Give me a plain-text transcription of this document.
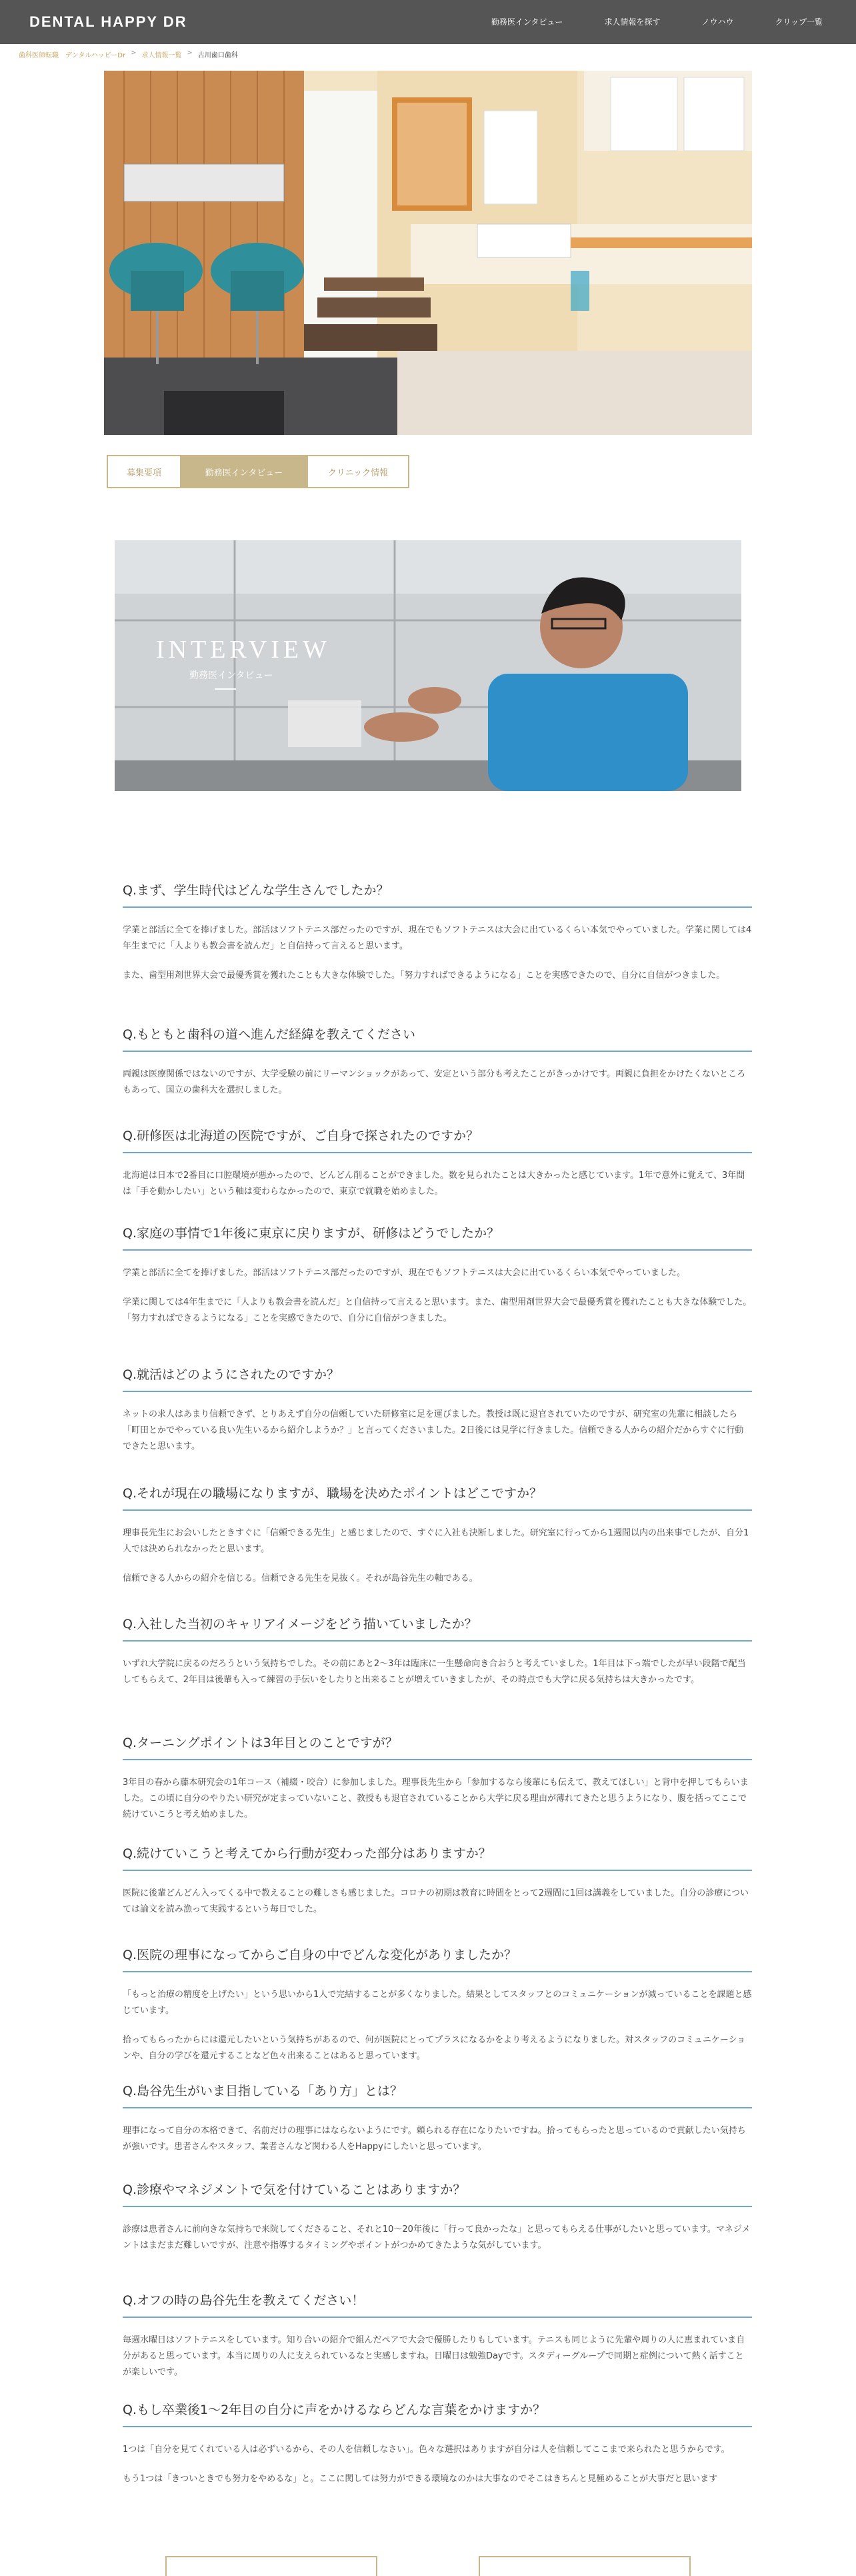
DENTAL HAPPY DR	勤務医インタビュー	求人情報を探す	ノウハウ	クリップ一覧
歯科医師転職　デンタルハッピーDr > 求人情報一覧 > 古川歯口歯科
募集要項	勤務医インタビュー	クリニック情報
INTERVIEW
勤務医インタビュー
Q.まず、学生時代はどんな学生さんでしたか？

学業と部活に全てを捧げました。部活はソフトテニス部だったのですが、現在でもソフトテニスは大会に出ているくらい本気でやっていました。学業に関しては4年生までに「人よりも教会書を読んだ」と自信持って言えると思います。

また、歯型用剤世界大会で最優秀賞を獲れたことも大きな体験でした。「努力すればできるようになる」ことを実感できたので、自分に自信がつきました。

Q.もともと歯科の道へ進んだ経緯を教えてください

両親は医療関係ではないのですが、大学受験の前にリーマンショックがあって、安定という部分も考えたことがきっかけです。両親に負担をかけたくないところもあって、国立の歯科大を選択しました。

Q.研修医は北海道の医院ですが、ご自身で探されたのですか？

北海道は日本で2番目に口腔環境が悪かったので、どんどん削ることができました。数を見られたことは大きかったと感じています。1年で意外に覚えて、3年間は「手を動かしたい」という軸は変わらなかったので、東京で就職を始めました。

Q.家庭の事情で1年後に東京に戻りますが、研修はどうでしたか？

学業と部活に全てを捧げました。部活はソフトテニス部だったのですが、現在でもソフトテニスは大会に出ているくらい本気でやっていました。

学業に関しては4年生までに「人よりも教会書を読んだ」と自信持って言えると思います。また、歯型用剤世界大会で最優秀賞を獲れたことも大きな体験でした。「努力すればできるようになる」ことを実感できたので、自分に自信がつきました。

Q.就活はどのようにされたのですか？

ネットの求人はあまり信頼できず、とりあえず自分の信頼していた研修室に足を運びました。教授は既に退官されていたのですが、研究室の先輩に相談したら「町田とかでやっている良い先生いるから紹介しようか？」と言ってくださいました。2日後には見学に行きました。信頼できる人からの紹介だからすぐに行動できたと思います。

Q.それが現在の職場になりますが、職場を決めたポイントはどこですか？

理事長先生にお会いしたときすぐに「信頼できる先生」と感じましたので、すぐに入社も決断しました。研究室に行ってから1週間以内の出来事でしたが、自分1人では決められなかったと思います。

信頼できる人からの紹介を信じる。信頼できる先生を見抜く。それが島谷先生の軸である。

Q.入社した当初のキャリアイメージをどう描いていましたか？

いずれ大学院に戻るのだろうという気持ちでした。その前にあと2〜3年は臨床に一生懸命向き合おうと考えていました。1年目は下っ端でしたが早い段階で配当してもらえて、2年目は後輩も入って練習の手伝いをしたりと出来ることが増えていきましたが、その時点でも大学に戻る気持ちは大きかったです。

Q.ターニングポイントは3年目とのことですが？

3年目の春から藤本研究会の1年コース（補綴・咬合）に参加しました。理事長先生から「参加するなら後輩にも伝えて、教えてほしい」と背中を押してもらいました。この頃に自分のやりたい研究が定まっていないこと、教授もも退官されていることから大学に戻る理由が薄れてきたと思うようになり、腹を括ってここで続けていこうと考え始めました。

Q.続けていこうと考えてから行動が変わった部分はありますか？

医院に後輩どんどん入ってくる中で教えることの難しさも感じました。コロナの初期は教育に時間をとって2週間に1回は講義をしていました。自分の診療については論文を読み漁って実践するという毎日でした。

Q.医院の理事になってからご自身の中でどんな変化がありましたか？

「もっと治療の精度を上げたい」という思いから1人で完結することが多くなりました。結果としてスタッフとのコミュニケーションが減っていることを課題と感じています。

拾ってもらったからには還元したいという気持ちがあるので、何が医院にとってプラスになるかをより考えるようになりました。対スタッフのコミュニケーションや、自分の学びを還元することなど色々出来ることはあると思っています。

Q.島谷先生がいま目指している「あり方」とは？

理事になって自分の本格できて、名前だけの理事にはならないようにです。頼られる存在になりたいですね。拾ってもらったと思っているので貢献したい気持ちが強いです。患者さんやスタッフ、業者さんなど関わる人をHappyにしたいと思っています。

Q.診療やマネジメントで気を付けていることはありますか？

診療は患者さんに前向きな気持ちで来院してくださること、それと10〜20年後に「行って良かったな」と思ってもらえる仕事がしたいと思っています。マネジメントはまだまだ難しいですが、注意や指導するタイミングやポイントがつかめてきたような気がしています。

Q.オフの時の島谷先生を教えてください！

毎週水曜日はソフトテニスをしています。知り合いの紹介で組んだペアで大会で優勝したりもしています。テニスも同じように先輩や周りの人に恵まれていま自分があると思っています。本当に周りの人に支えられているなと実感しますね。日曜日は勉強Dayです。スタディーグループで同期と症例について熱く話すことが楽しいです。

Q.もし卒業後1〜2年目の自分に声をかけるならどんな言葉をかけますか？

1つは「自分を見てくれている人は必ずいるから、その人を信頼しなさい」。色々な選択はありますが自分は人を信頼してここまで来られたと思うからです。

もう1つは「きついときでも努力をやめるな」と。ここに関しては努力ができる環境なのかは大事なのでそこはきちんと見極めることが大事だと思います
